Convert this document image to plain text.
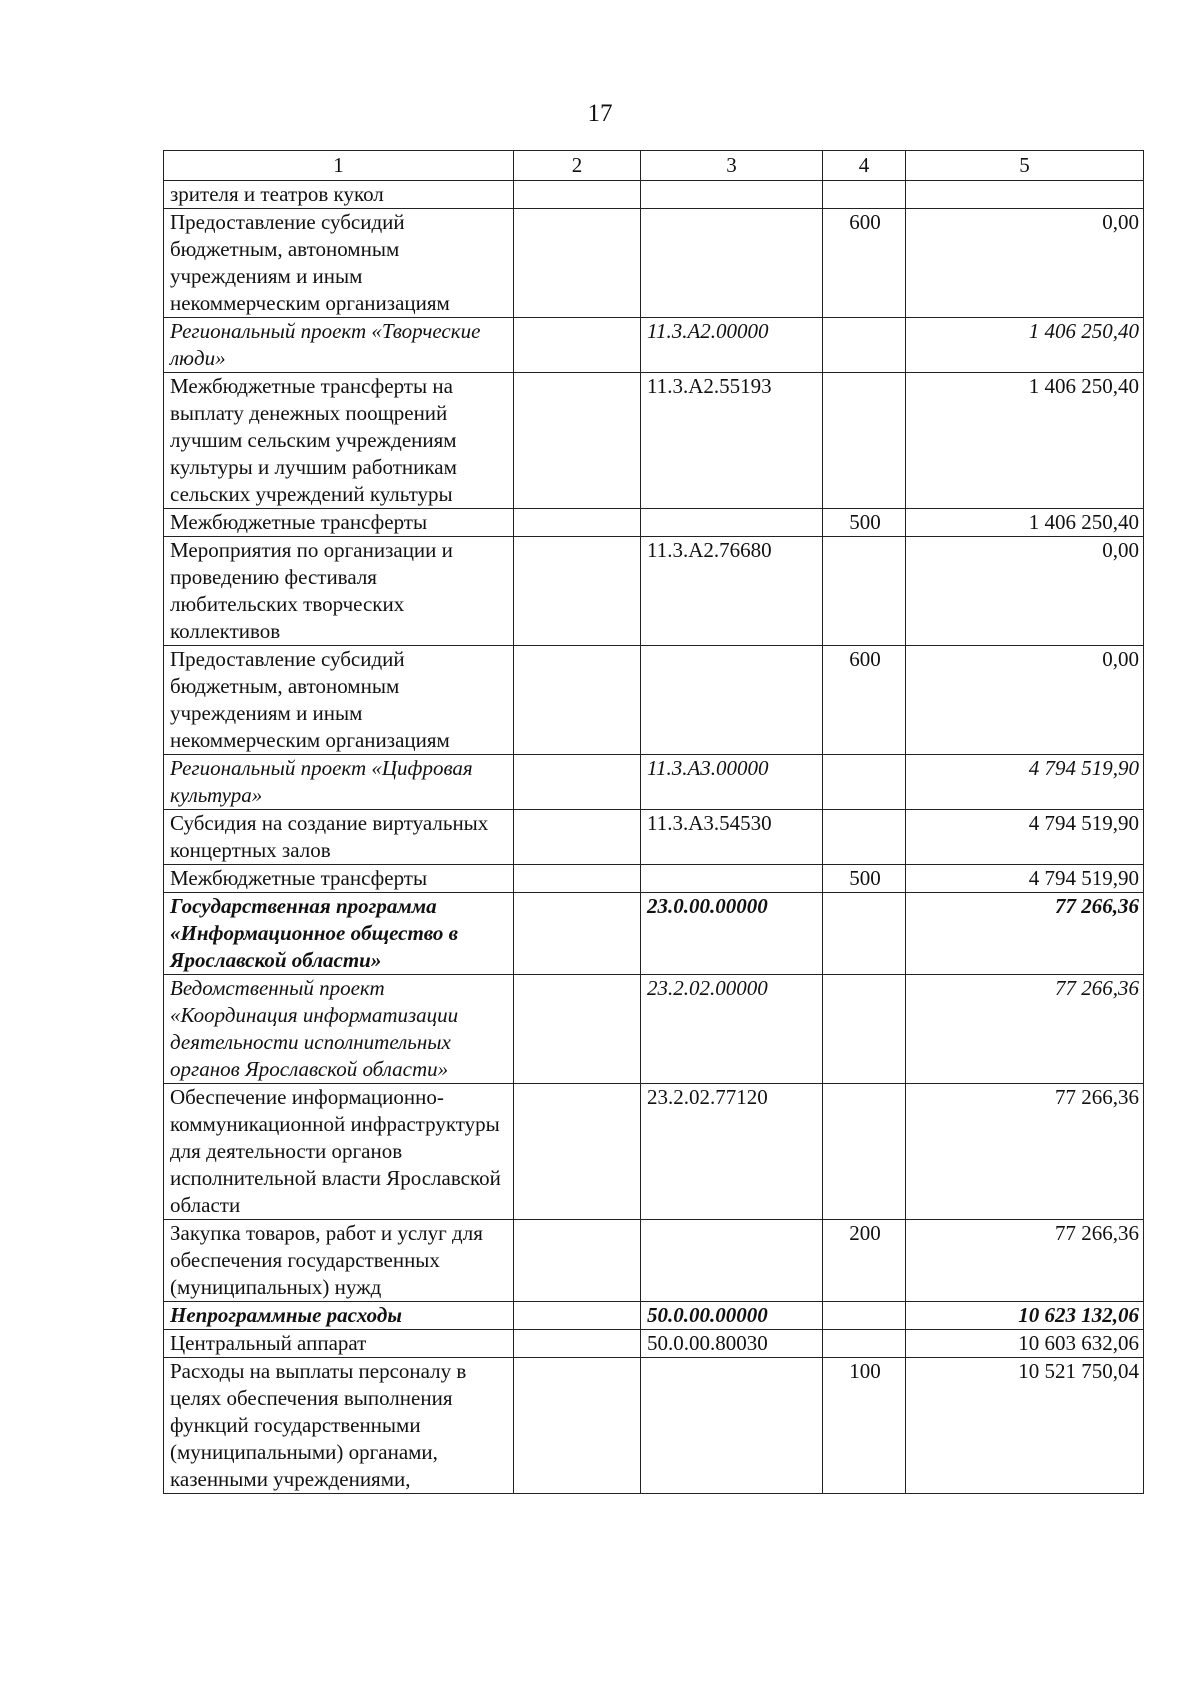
17
1	2	3	4	5
зрителя и театров кукол				
Предоставление субсидий бюджетным, автономным учреждениям и иным некоммерческим организациям			600	0,00
Региональный проект «Творческие люди»		11.3.А2.00000		1 406 250,40
Межбюджетные трансферты на выплату денежных поощрений лучшим сельским учреждениям культуры и лучшим работникам сельских учреждений культуры		11.3.А2.55193		1 406 250,40
Межбюджетные трансферты			500	1 406 250,40
Мероприятия по организации и проведению фестиваля любительских творческих коллективов		11.3.А2.76680		0,00
Предоставление субсидий бюджетным, автономным учреждениям и иным некоммерческим организациям			600	0,00
Региональный проект «Цифровая культура»		11.3.А3.00000		4 794 519,90
Субсидия на создание виртуальных концертных залов		11.3.А3.54530		4 794 519,90
Межбюджетные трансферты			500	4 794 519,90
Государственная программа «Информационное общество в Ярославской области»		23.0.00.00000		77 266,36
Ведомственный проект «Координация информатизации деятельности исполнительных органов Ярославской области»		23.2.02.00000		77 266,36
Обеспечение информационно-коммуникационной инфраструктуры для деятельности органов исполнительной власти Ярославской области		23.2.02.77120		77 266,36
Закупка товаров, работ и услуг для обеспечения государственных (муниципальных) нужд			200	77 266,36
Непрограммные расходы		50.0.00.00000		10 623 132,06
Центральный аппарат		50.0.00.80030		10 603 632,06
Расходы на выплаты персоналу в целях обеспечения выполнения функций государственными (муниципальными) органами, казенными учреждениями,			100	10 521 750,04
